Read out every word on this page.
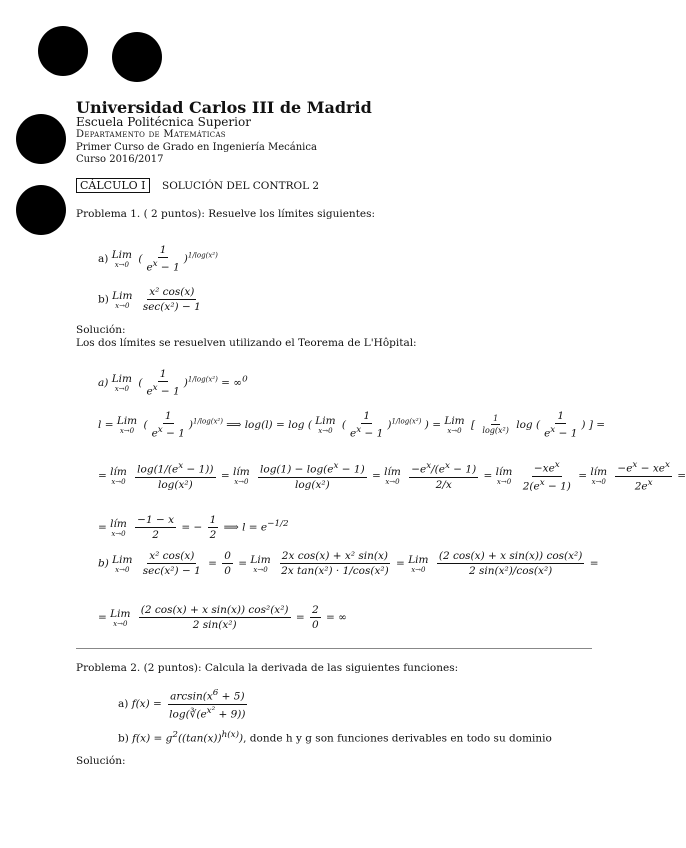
Universidad Carlos III de Madrid
Escuela Politécnica Superior
Departamento de Matemáticas
Primer Curso de Grado en Ingeniería Mecánica
Curso 2016/2017
CÁLCULO I	SOLUCIÓN DEL CONTROL 2
Problema 1. ( 2 puntos): Resuelve los límites siguientes:
a) Lim
x→0 ( $\frac{1}{e^x - 1} )^{1/log(x^2)}$
b) Lim
x→0
$\frac{\text{x² cos(x)}}{\text{sec(x²) − 1}}$
Solución:
Los dos límites se resuelven utilizando el Teorema de L'Hôpital:
a) Lim
x→0 ( $\frac{1}{e^x - 1} )^{1/log(x^2)} = \infty^0$
l = Lim
x→0 ( $\frac{1}{e^x - 1} )^{1/log(x^2)}$ ⟹ log(l) = log ( Lim
x→0 ( $\frac{1}{e^x - 1} )^{1/log(x^2)}$ ) = Lim
x→0 [ $\frac{1}{\text{log(x²)}}$ log ( $\frac{1}{e^x - 1}$ ) ] =
= lím
x→0
$\frac{\log(1/(e^x - 1))}{\text{log(x²)}}$ = lím
x→0
$\frac{\log(1) - \log(e^x - 1)}{\text{log(x²)}}$ = lím
x→0
$\frac{-e^x/(e^x - 1)}{2/x}$ = lím
x→0
$\frac{-xe^x}{2(e^x - 1)}$ = lím
x→0
$\frac{-e^x - xe^x}{2e^x}$ =
= lím
x→0
$\frac{-1 - x}{2}$ = − $\frac{1}{2}$ ⟹ $l = e^{-1/2}$
b) Lim
x→0
$\frac{\text{x² cos(x)}}{\text{sec(x²) − 1}} = \frac{0}{0}$ = Lim
x→0
$\frac{\text{2x cos(x) + x² sin(x)}}{\text{2x tan(x²) · 1/cos(x²)}}$ = Lim
x→0
$\frac{\text{(2 cos(x) + x sin(x)) cos(x²)}}{\text{2 sin(x²)/cos(x²)}}$ =
= Lim
x→0
$\frac{\text{(2 cos(x) + x sin(x)) cos²(x²)}}{\text{2 sin(x²)}} = \frac{2}{0}$ = ∞
Problema 2. (2 puntos): Calcula la derivada de las siguientes funciones:
a) $f(x) = \frac{\arcsin(x^6 + 5)}{\log(∛(e^{x^2} + 9))}$
b) $f(x) = g^2((\tan(x))^{h(x)})$, donde h y g son funciones derivables en todo su dominio
Solución:
